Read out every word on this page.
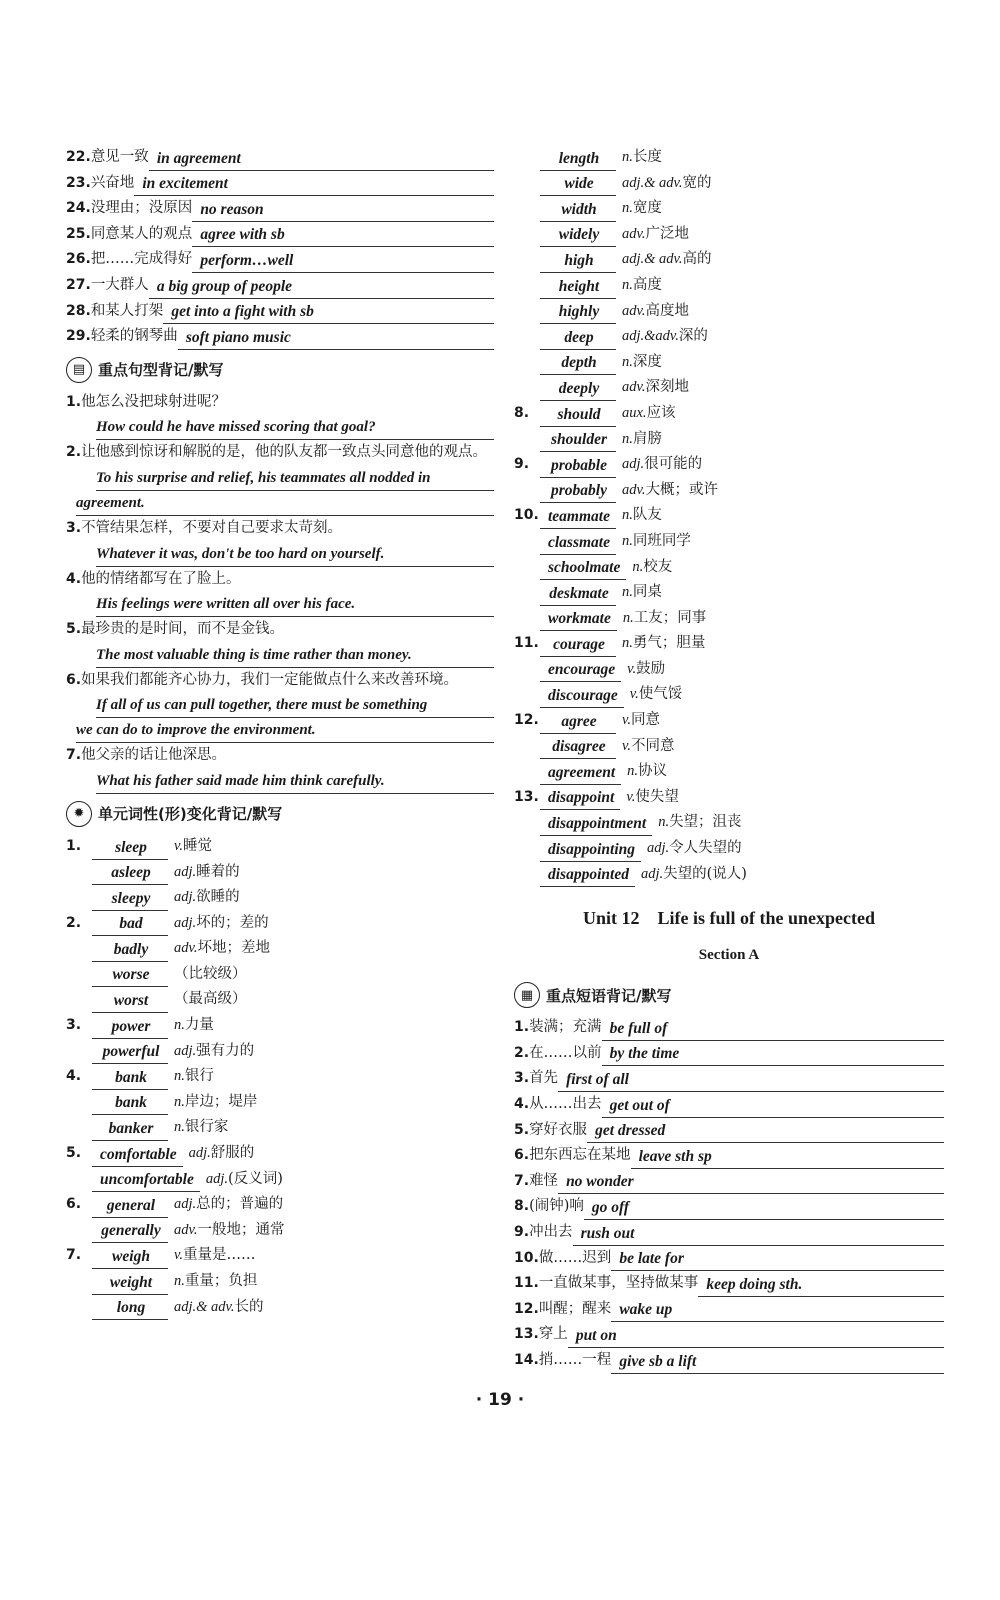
22. 意见一致 in agreement
23. 兴奋地 in excitement
24. 没理由；没原因 no reason
25. 同意某人的观点 agree with sb
26. 把……完成得好 perform…well
27. 一大群人 a big group of people
28. 和某人打架 get into a fight with sb
29. 轻柔的钢琴曲 soft piano music
▤ 重点句型背记/默写
1.他怎么没把球射进呢？
How could he have missed scoring that goal?
2.让他感到惊讶和解脱的是，他的队友都一致点头同意他的观点。
To his surprise and relief, his teammates all nodded in
agreement.
3.不管结果怎样，不要对自己要求太苛刻。
Whatever it was, don't be too hard on yourself.
4.他的情绪都写在了脸上。
His feelings were written all over his face.
5.最珍贵的是时间，而不是金钱。
The most valuable thing is time rather than money.
6.如果我们都能齐心协力，我们一定能做点什么来改善环境。
If all of us can pull together, there must be something
we can do to improve the environment.
7.他父亲的话让他深思。
What his father said made him think carefully.
✹ 单元词性(形)变化背记/默写
1.	sleep	v. 睡觉
asleep	adj. 睡着的
sleepy	adj. 欲睡的
2.	bad	adj. 坏的；差的
badly	adv. 坏地；差地
worse	（比较级）
worst	（最高级）
3.	power	n. 力量
powerful	adj. 强有力的
4.	bank	n. 银行
bank	n. 岸边；堤岸
banker	n. 银行家
5.	comfortable adj. 舒服的
uncomfortable adj. (反义词)
6.	general	adj. 总的；普遍的
generally adv. 一般地；通常
7.	weigh	v. 重量是……
weight	n. 重量；负担
long	adj.& adv. 长的
length	n. 长度
wide	adj.& adv. 宽的
width	n. 宽度
widely	adv. 广泛地
high	adj.& adv. 高的
height	n. 高度
highly	adv. 高度地
deep	adj.&adv. 深的
depth	n. 深度
deeply	adv. 深刻地
8.	should	aux. 应该
shoulder	n. 肩膀
9.	probable	adj. 很可能的
probably	adv. 大概；或许
10. teammate n. 队友
classmate n. 同班同学
schoolmate n. 校友
deskmate n. 同桌
workmate n. 工友；同事
11. courage	n. 勇气；胆量
encourage v. 鼓励
discourage v. 使气馁
12.	agree	v. 同意
disagree	v. 不同意
agreement n. 协议
13. disappoint v. 使失望
disappointment n. 失望；沮丧
disappointing adj. 令人失望的
disappointed adj. 失望的(说人)
Unit 12　Life is full of the unexpected
Section A
▦ 重点短语背记/默写
1. 装满；充满 be full of
2. 在……以前 by the time
3. 首先 first of all
4. 从……出去 get out of
5. 穿好衣服 get dressed
6. 把东西忘在某地 leave sth sp
7. 难怪 no wonder
8. (闹钟)响 go off
9. 冲出去 rush out
10. 做……迟到 be late for
11. 一直做某事，坚持做某事 keep doing sth.
12. 叫醒；醒来 wake up
13. 穿上 put on
14. 捎……一程 give sb a lift
· 19 ·
